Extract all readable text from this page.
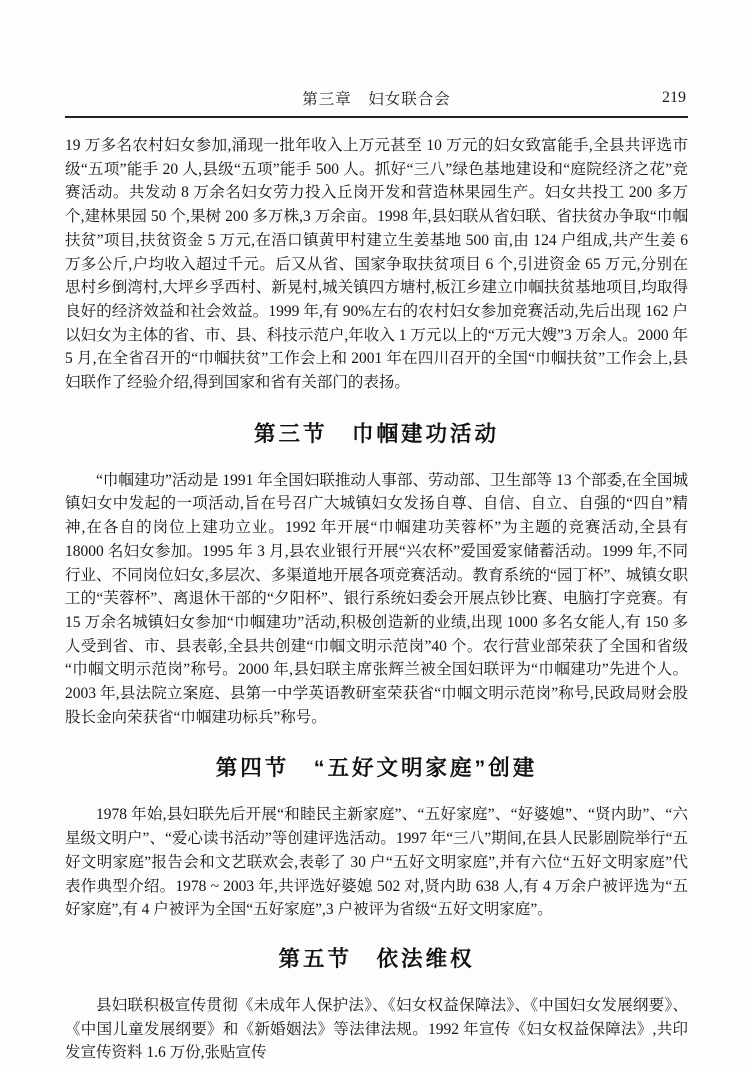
第三章　妇女联合会	219

19 万多名农村妇女参加,涌现一批年收入上万元甚至 10 万元的妇女致富能手,全县共评选市级“五项”能手 20 人,县级“五项”能手 500 人。抓好“三八”绿色基地建设和“庭院经济之花”竞赛活动。共发动 8 万余名妇女劳力投入丘岗开发和营造林果园生产。妇女共投工 200 多万个,建林果园 50 个,果树 200 多万株,3 万余亩。1998 年,县妇联从省妇联、省扶贫办争取“巾帼扶贫”项目,扶贫资金 5 万元,在浯口镇黄甲村建立生姜基地 500 亩,由 124 户组成,共产生姜 6 万多公斤,户均收入超过千元。后又从省、国家争取扶贫项目 6 个,引进资金 65 万元,分别在思村乡倒湾村,大坪乡孚西村、新晃村,城关镇四方塘村,板江乡建立巾帼扶贫基地项目,均取得良好的经济效益和社会效益。1999 年,有 90%左右的农村妇女参加竞赛活动,先后出现 162 户以妇女为主体的省、市、县、科技示范户,年收入 1 万元以上的“万元大嫂”3 万余人。2000 年 5 月,在全省召开的“巾帼扶贫”工作会上和 2001 年在四川召开的全国“巾帼扶贫”工作会上,县妇联作了经验介绍,得到国家和省有关部门的表扬。

第三节　巾帼建功活动

“巾帼建功”活动是 1991 年全国妇联推动人事部、劳动部、卫生部等 13 个部委,在全国城镇妇女中发起的一项活动,旨在号召广大城镇妇女发扬自尊、自信、自立、自强的“四自”精神,在各自的岗位上建功立业。1992 年开展“巾帼建功芙蓉杯”为主题的竞赛活动,全县有 18000 名妇女参加。1995 年 3 月,县农业银行开展“兴农杯”爱国爱家储蓄活动。1999 年,不同行业、不同岗位妇女,多层次、多渠道地开展各项竞赛活动。教育系统的“园丁杯”、城镇女职工的“芙蓉杯”、离退休干部的“夕阳杯”、银行系统妇委会开展点钞比赛、电脑打字竞赛。有 15 万余名城镇妇女参加“巾帼建功”活动,积极创造新的业绩,出现 1000 多名女能人,有 150 多人受到省、市、县表彰,全县共创建“巾帼文明示范岗”40 个。农行营业部荣获了全国和省级“巾帼文明示范岗”称号。2000 年,县妇联主席张辉兰被全国妇联评为“巾帼建功”先进个人。2003 年,县法院立案庭、县第一中学英语教研室荣获省“巾帼文明示范岗”称号,民政局财会股股长金向荣获省“巾帼建功标兵”称号。

第四节　“五好文明家庭”创建

1978 年始,县妇联先后开展“和睦民主新家庭”、“五好家庭”、“好婆媳”、“贤内助”、“六星级文明户”、“爱心读书活动”等创建评选活动。1997 年“三八”期间,在县人民影剧院举行“五好文明家庭”报告会和文艺联欢会,表彰了 30 户“五好文明家庭”,并有六位“五好文明家庭”代表作典型介绍。1978 ~ 2003 年,共评选好婆媳 502 对,贤内助 638 人,有 4 万余户被评选为“五好家庭”,有 4 户被评为全国“五好家庭”,3 户被评为省级“五好文明家庭”。

第五节　依法维权

县妇联积极宣传贯彻《未成年人保护法》、《妇女权益保障法》、《中国妇女发展纲要》、《中国儿童发展纲要》和《新婚姻法》等法律法规。1992 年宣传《妇女权益保障法》,共印发宣传资料 1.6 万份,张贴宣传
